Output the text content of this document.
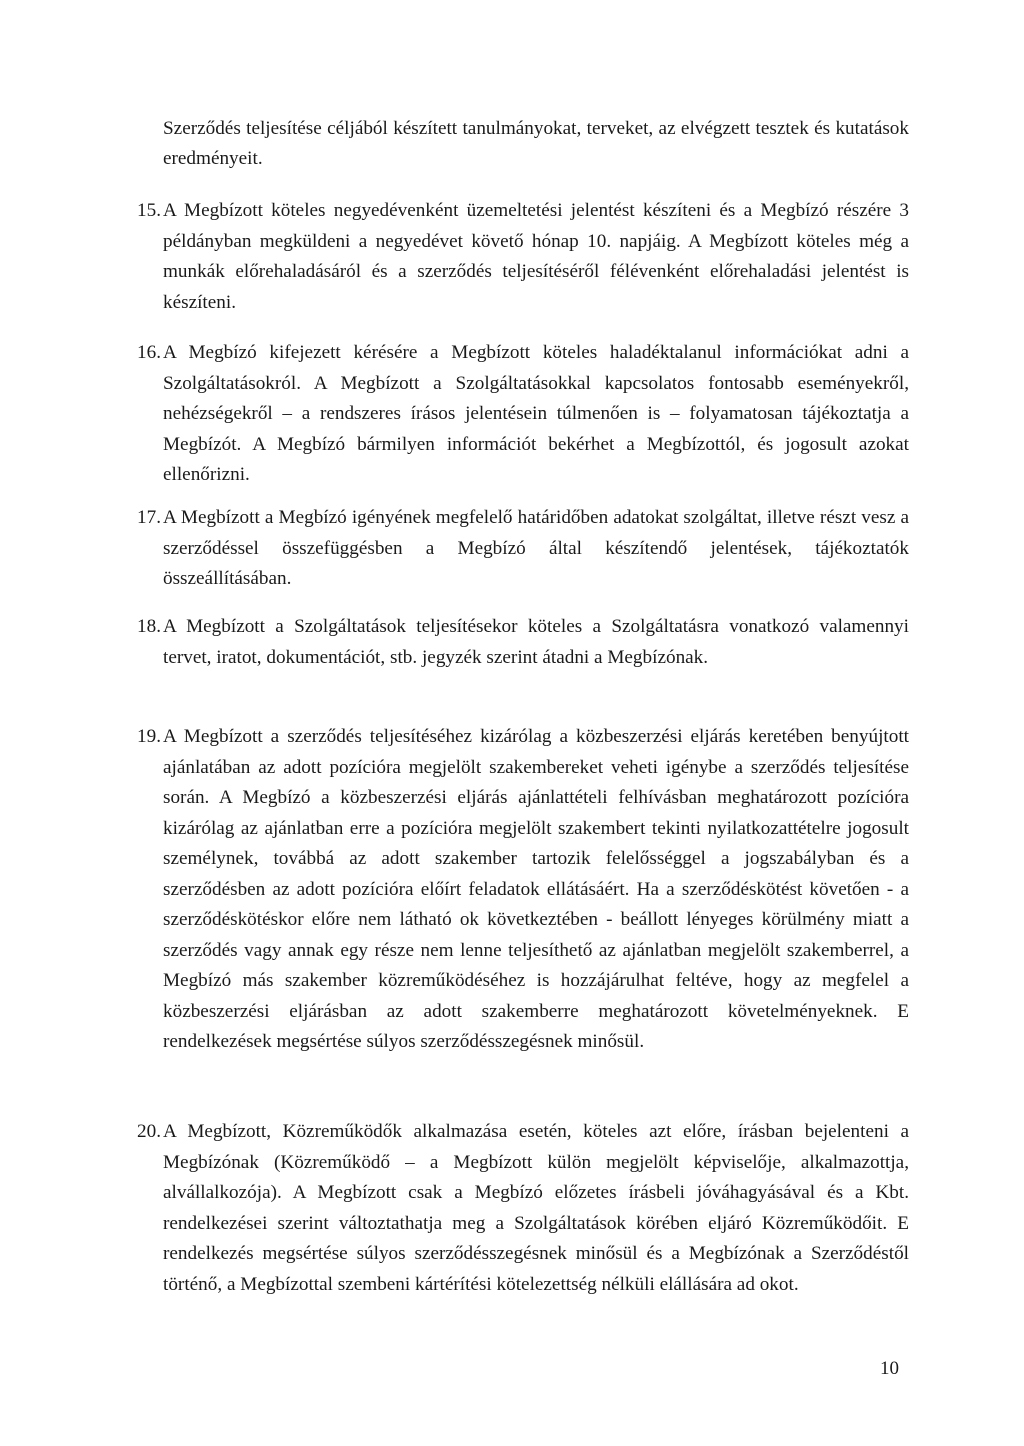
Szerződés teljesítése céljából készített tanulmányokat, terveket, az elvégzett tesztek és kutatások eredményeit.
15. A Megbízott köteles negyedévenként üzemeltetési jelentést készíteni és a Megbízó részére 3 példányban megküldeni a negyedévet követő hónap 10. napjáig. A Megbízott köteles még a munkák előrehaladásáról és a szerződés teljesítéséről félévenként előrehaladási jelentést is készíteni.
16. A Megbízó kifejezett kérésére a Megbízott köteles haladéktalanul információkat adni a Szolgáltatásokról. A Megbízott a Szolgáltatásokkal kapcsolatos fontosabb eseményekről, nehézségekről – a rendszeres írásos jelentésein túlmenően is – folyamatosan tájékoztatja a Megbízót. A Megbízó bármilyen információt bekérhet a Megbízottól, és jogosult azokat ellenőrizni.
17. A Megbízott a Megbízó igényének megfelelő határidőben adatokat szolgáltat, illetve részt vesz a szerződéssel összefüggésben a Megbízó által készítendő jelentések, tájékoztatók összeállításában.
18. A Megbízott a Szolgáltatások teljesítésekor köteles a Szolgáltatásra vonatkozó valamennyi tervet, iratot, dokumentációt, stb. jegyzék szerint átadni a Megbízónak.
19. A Megbízott a szerződés teljesítéséhez kizárólag a közbeszerzési eljárás keretében benyújtott ajánlatában az adott pozícióra megjelölt szakembereket veheti igénybe a szerződés teljesítése során. A Megbízó a közbeszerzési eljárás ajánlattételi felhívásban meghatározott pozícióra kizárólag az ajánlatban erre a pozícióra megjelölt szakembert tekinti nyilatkozattételre jogosult személynek, továbbá az adott szakember tartozik felelősséggel a jogszabályban és a szerződésben az adott pozícióra előírt feladatok ellátásáért. Ha a szerződéskötést követően - a szerződéskötéskor előre nem látható ok következtében - beállott lényeges körülmény miatt a szerződés vagy annak egy része nem lenne teljesíthető az ajánlatban megjelölt szakemberrel, a Megbízó más szakember közreműködéséhez is hozzájárulhat feltéve, hogy az megfelel a közbeszerzési eljárásban az adott szakemberre meghatározott követelményeknek. E rendelkezések megsértése súlyos szerződésszegésnek minősül.
20. A Megbízott, Közreműködők alkalmazása esetén, köteles azt előre, írásban bejelenteni a Megbízónak (Közreműködő – a Megbízott külön megjelölt képviselője, alkalmazottja, alvállalkozója). A Megbízott csak a Megbízó előzetes írásbeli jóváhagyásával és a Kbt. rendelkezései szerint változtathatja meg a Szolgáltatások körében eljáró Közreműködőit. E rendelkezés megsértése súlyos szerződésszegésnek minősül és a Megbízónak a Szerződéstől történő, a Megbízottal szembeni kártérítési kötelezettség nélküli elállására ad okot.
10
